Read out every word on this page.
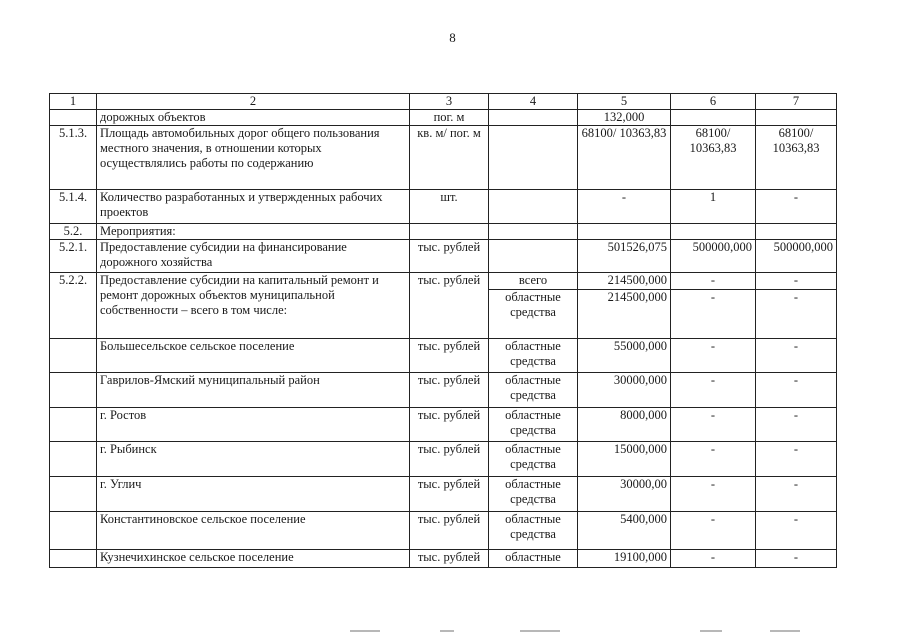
8
1	2	3	4	5	6	7
	дорожных объектов	пог. м		132,000		
5.1.3.	Площадь автомобильных дорог общего пользования местного значения, в отношении которых осуществлялись работы по содержанию	кв. м/ пог. м		68100/ 10363,83	68100/ 10363,83	68100/ 10363,83
5.1.4.	Количество разработанных и утвержденных рабочих проектов	шт.		-	1	-
5.2.	Мероприятия:					
5.2.1.	Предоставление субсидии на финансирование дорожного хозяйства	тыс. рублей		501526,075	500000,000	500000,000
5.2.2.	Предоставление субсидии на капитальный ремонт и ремонт дорожных объектов муниципальной собственности – всего в том числе:	тыс. рублей	всего	214500,000	-	-
			областные средства	214500,000	-	-
	Большесельское сельское поселение	тыс. рублей	областные средства	55000,000	-	-
	Гаврилов-Ямский муниципальный район	тыс. рублей	областные средства	30000,000	-	-
	г. Ростов	тыс. рублей	областные средства	8000,000	-	-
	г. Рыбинск	тыс. рублей	областные средства	15000,000	-	-
	г. Углич	тыс. рублей	областные средства	30000,00	-	-
	Константиновское сельское поселение	тыс. рублей	областные средства	5400,000	-	-
	Кузнечихинское сельское поселение	тыс. рублей	областные	19100,000	-	-
